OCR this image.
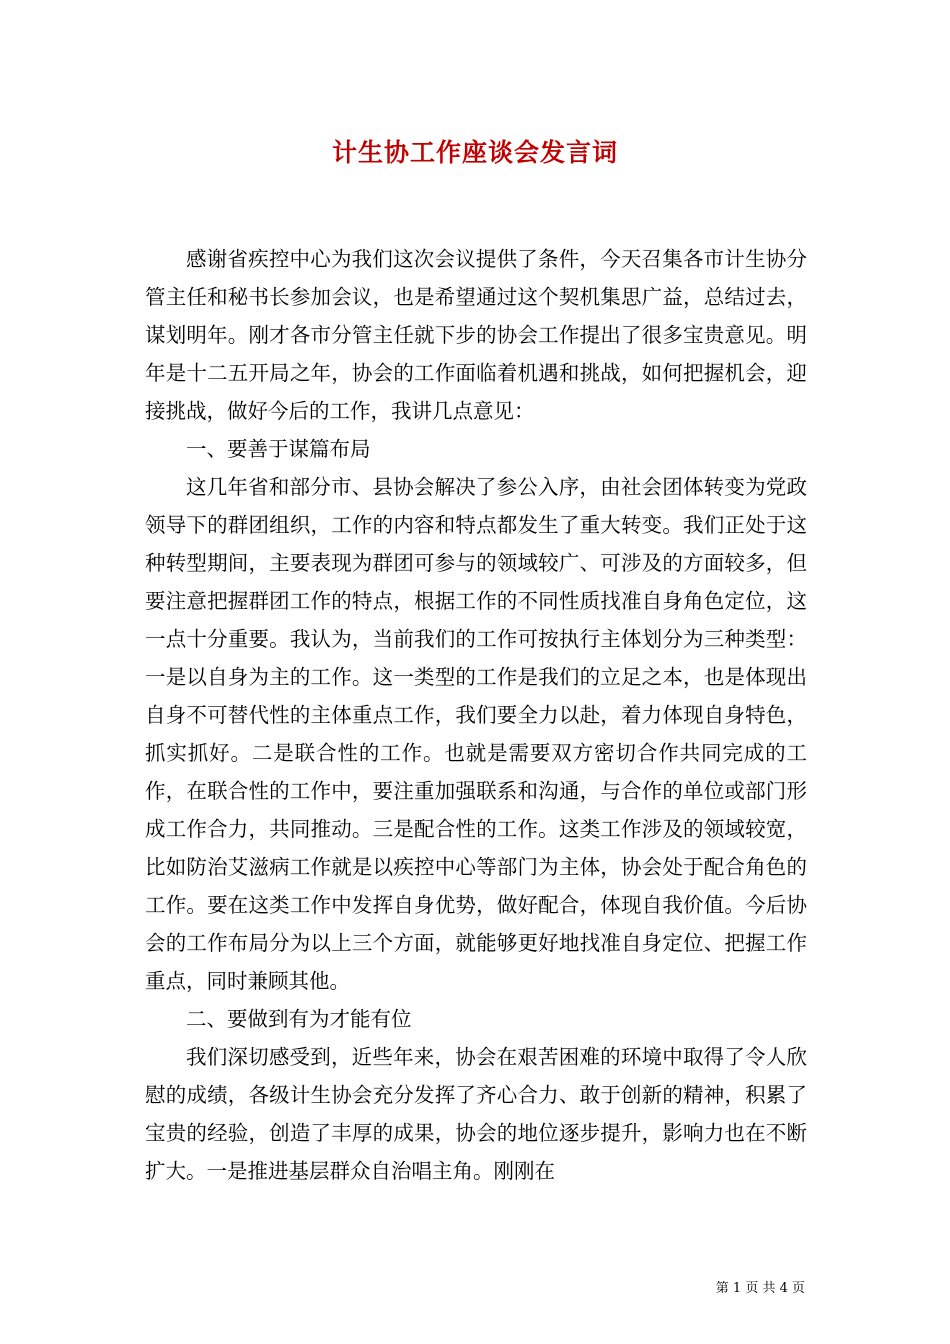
计生协工作座谈会发言词

感谢省疾控中心为我们这次会议提供了条件，今天召集各市计生协分管主任和秘书长参加会议，也是希望通过这个契机集思广益，总结过去，谋划明年。刚才各市分管主任就下步的协会工作提出了很多宝贵意见。明年是十二五开局之年，协会的工作面临着机遇和挑战，如何把握机会，迎接挑战，做好今后的工作，我讲几点意见：

一、要善于谋篇布局

这几年省和部分市、县协会解决了参公入序，由社会团体转变为党政领导下的群团组织，工作的内容和特点都发生了重大转变。我们正处于这种转型期间，主要表现为群团可参与的领域较广、可涉及的方面较多，但要注意把握群团工作的特点，根据工作的不同性质找准自身角色定位，这一点十分重要。我认为，当前我们的工作可按执行主体划分为三种类型：一是以自身为主的工作。这一类型的工作是我们的立足之本，也是体现出自身不可替代性的主体重点工作，我们要全力以赴，着力体现自身特色，抓实抓好。二是联合性的工作。也就是需要双方密切合作共同完成的工作，在联合性的工作中，要注重加强联系和沟通，与合作的单位或部门形成工作合力，共同推动。三是配合性的工作。这类工作涉及的领域较宽，比如防治艾滋病工作就是以疾控中心等部门为主体，协会处于配合角色的工作。要在这类工作中发挥自身优势，做好配合，体现自我价值。今后协会的工作布局分为以上三个方面，就能够更好地找准自身定位、把握工作重点，同时兼顾其他。

二、要做到有为才能有位

我们深切感受到，近些年来，协会在艰苦困难的环境中取得了令人欣慰的成绩，各级计生协会充分发挥了齐心合力、敢于创新的精神，积累了宝贵的经验，创造了丰厚的成果，协会的地位逐步提升，影响力也在不断扩大。一是推进基层群众自治唱主角。刚刚在

第 1 页 共 4 页
